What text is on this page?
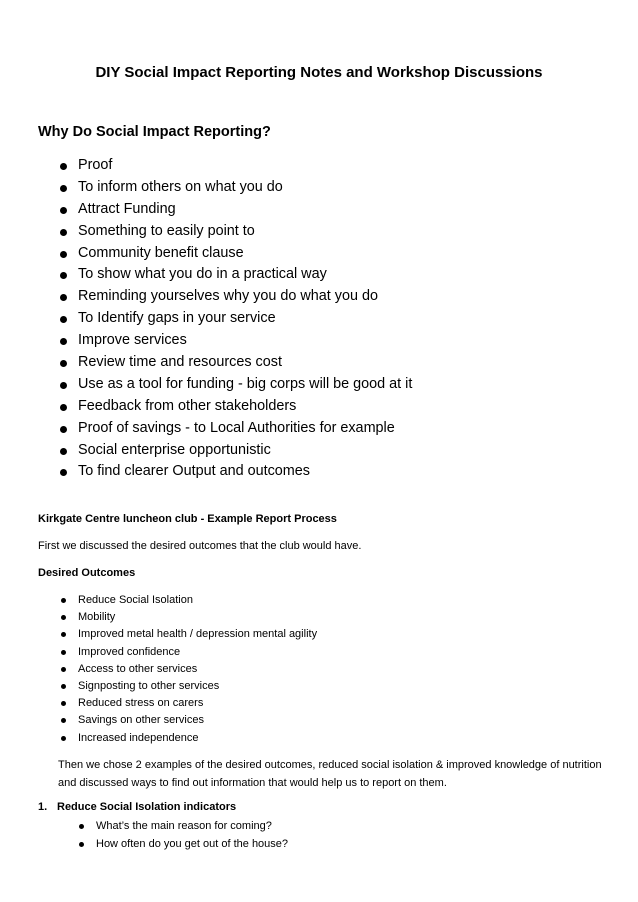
DIY Social Impact Reporting Notes and Workshop Discussions
Why Do Social Impact Reporting?
Proof
To inform others on what you do
Attract Funding
Something to easily point to
Community benefit clause
To show what you do in a practical way
Reminding yourselves why you do what you do
To Identify gaps in your service
Improve services
Review time and resources cost
Use as a tool for funding - big corps will be good at it
Feedback from other stakeholders
Proof of savings - to Local Authorities for example
Social enterprise opportunistic
To find clearer Output and outcomes
Kirkgate Centre luncheon club - Example Report Process
First we discussed the desired outcomes that the club would have.
Desired Outcomes
Reduce Social Isolation
Mobility
Improved metal health / depression mental agility
Improved confidence
Access to other services
Signposting to other services
Reduced stress on carers
Savings on other services
Increased independence
Then we chose 2 examples of the desired outcomes, reduced social isolation & improved knowledge of nutrition and discussed ways to find out information that would help us to report on them.
1. Reduce Social Isolation indicators
What’s the main reason for coming?
How often do you get out of the house?
